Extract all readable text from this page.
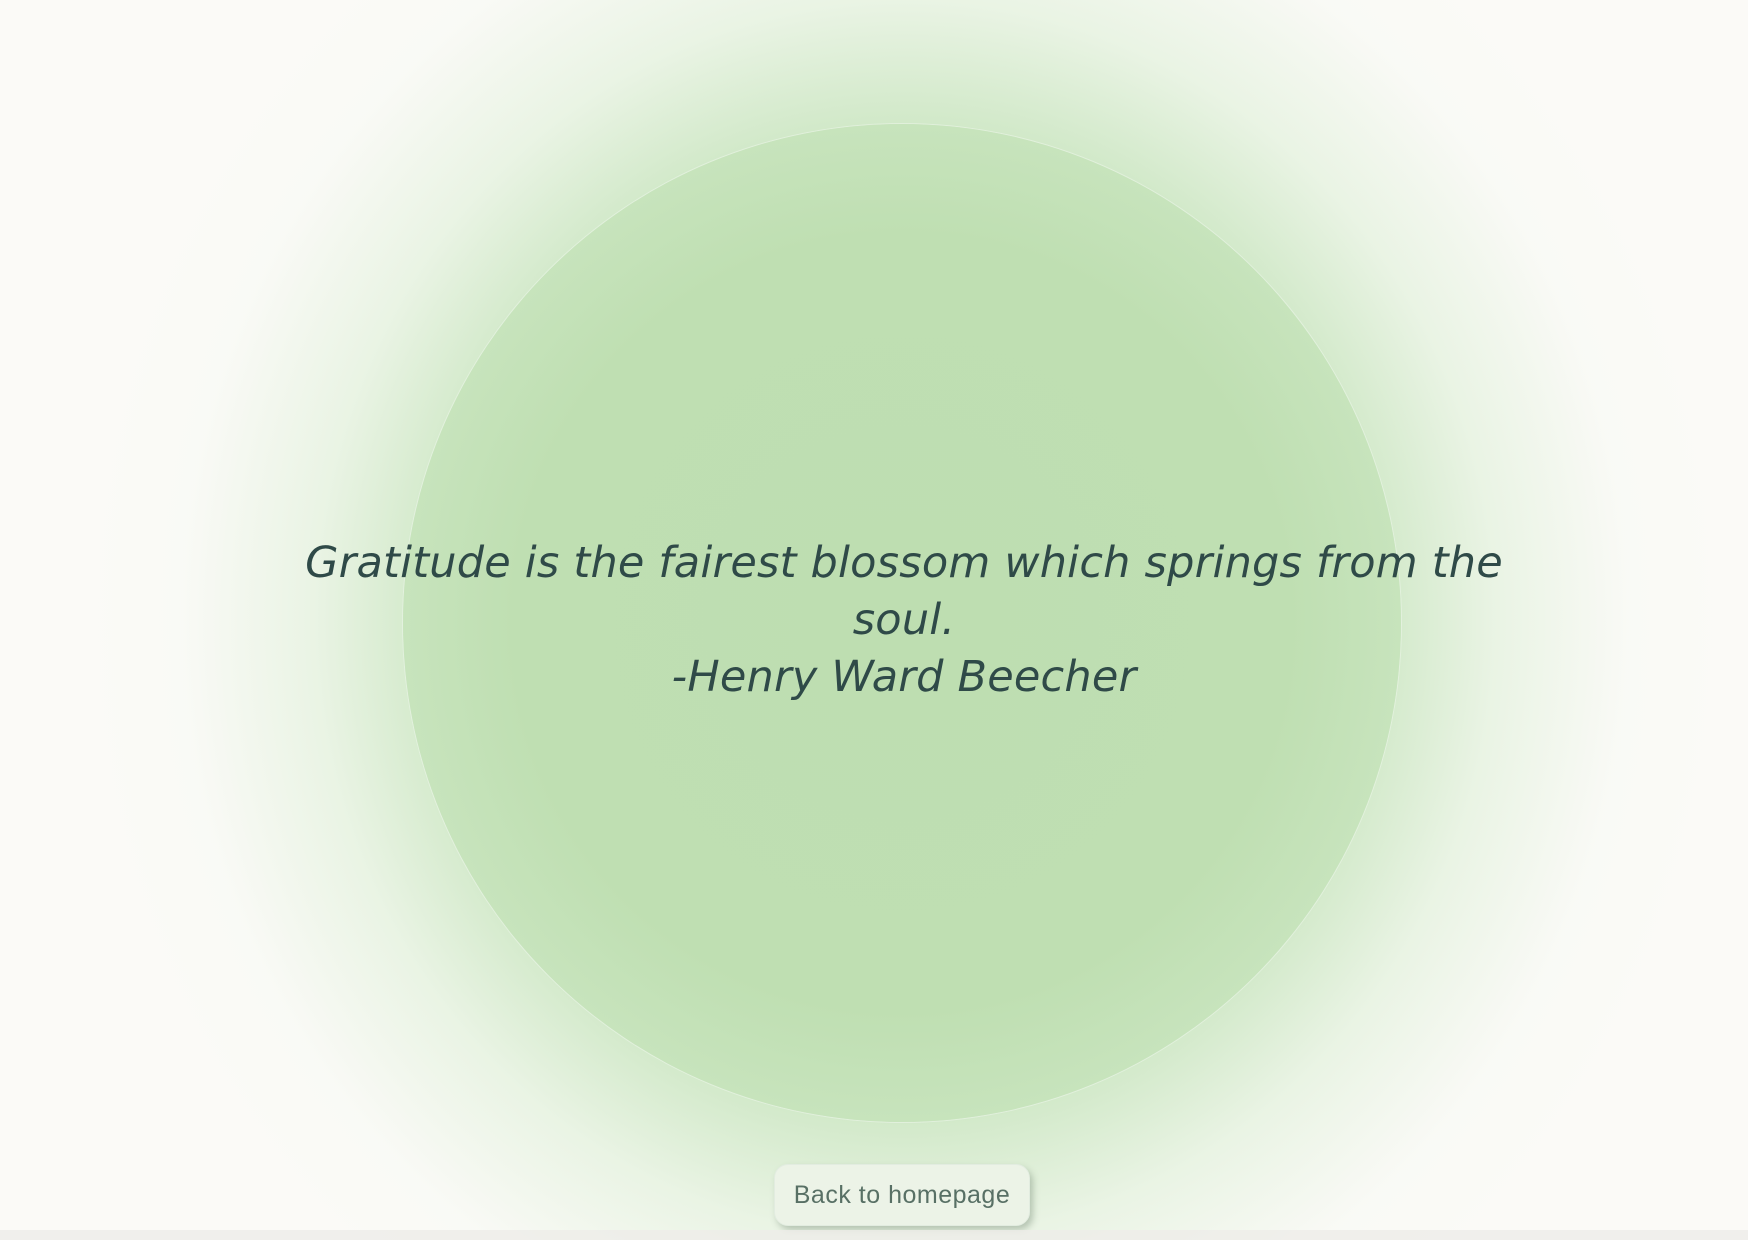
Gratitude is the fairest blossom which springs from the
soul.
-Henry Ward Beecher
Back to homepage
